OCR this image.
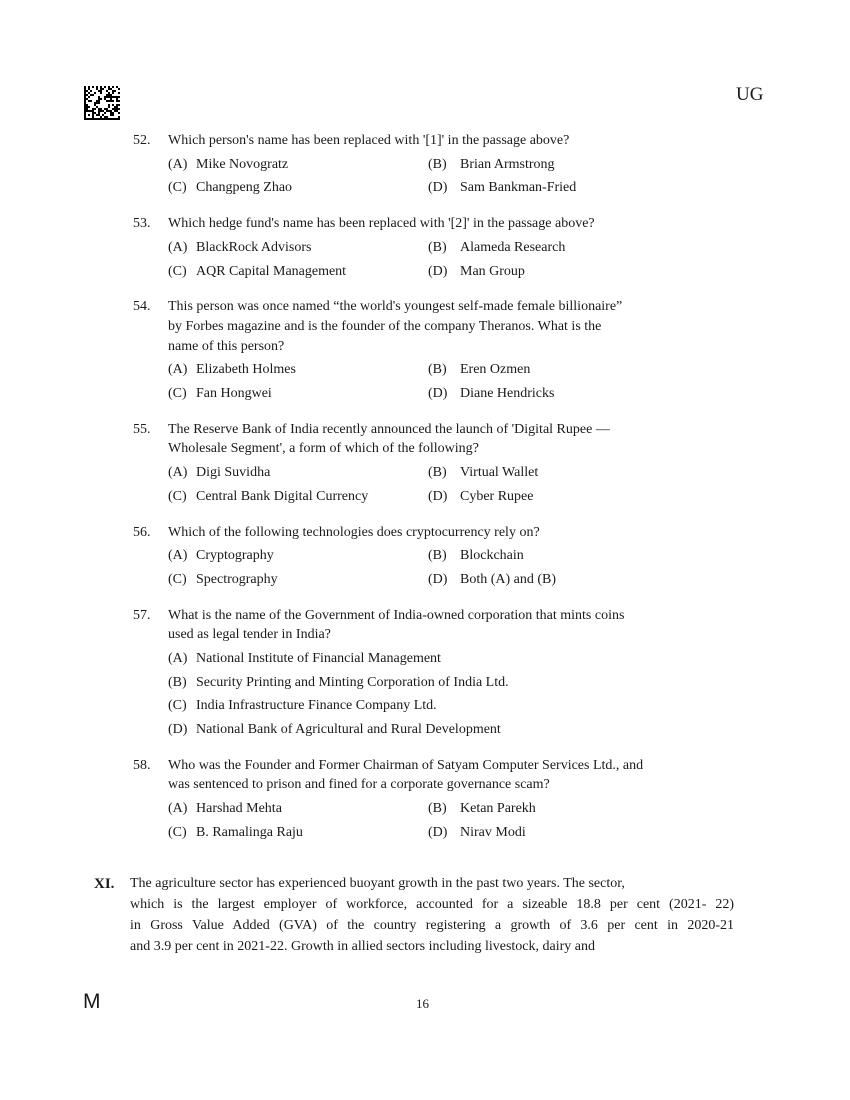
UG
52. Which person's name has been replaced with '[1]' in the passage above?
(A) Mike Novogratz	(B) Brian Armstrong
(C) Changpeng Zhao	(D) Sam Bankman-Fried
53. Which hedge fund's name has been replaced with '[2]' in the passage above?
(A) BlackRock Advisors	(B) Alameda Research
(C) AQR Capital Management	(D) Man Group
54. This person was once named “the world's youngest self-made female billionaire”
by Forbes magazine and is the founder of the company Theranos. What is the
name of this person?
(A) Elizabeth Holmes	(B) Eren Ozmen
(C) Fan Hongwei	(D) Diane Hendricks
55. The Reserve Bank of India recently announced the launch of 'Digital Rupee —
Wholesale Segment', a form of which of the following?
(A) Digi Suvidha	(B) Virtual Wallet
(C) Central Bank Digital Currency	(D) Cyber Rupee
56. Which of the following technologies does cryptocurrency rely on?
(A) Cryptography	(B) Blockchain
(C) Spectrography	(D) Both (A) and (B)
57. What is the name of the Government of India-owned corporation that mints coins
used as legal tender in India?
(A) National Institute of Financial Management
(B) Security Printing and Minting Corporation of India Ltd.
(C) India Infrastructure Finance Company Ltd.
(D) National Bank of Agricultural and Rural Development
58. Who was the Founder and Former Chairman of Satyam Computer Services Ltd., and
was sentenced to prison and fined for a corporate governance scam?
(A) Harshad Mehta	(B) Ketan Parekh
(C) B. Ramalinga Raju	(D) Nirav Modi
XI. The agriculture sector has experienced buoyant growth in the past two years. The sector,
which is the largest employer of workforce, accounted for a sizeable 18.8 per cent (2021- 22)
in Gross Value Added (GVA) of the country registering a growth of 3.6 per cent in 2020-21
and 3.9 per cent in 2021-22. Growth in allied sectors including livestock, dairy and
M	16
